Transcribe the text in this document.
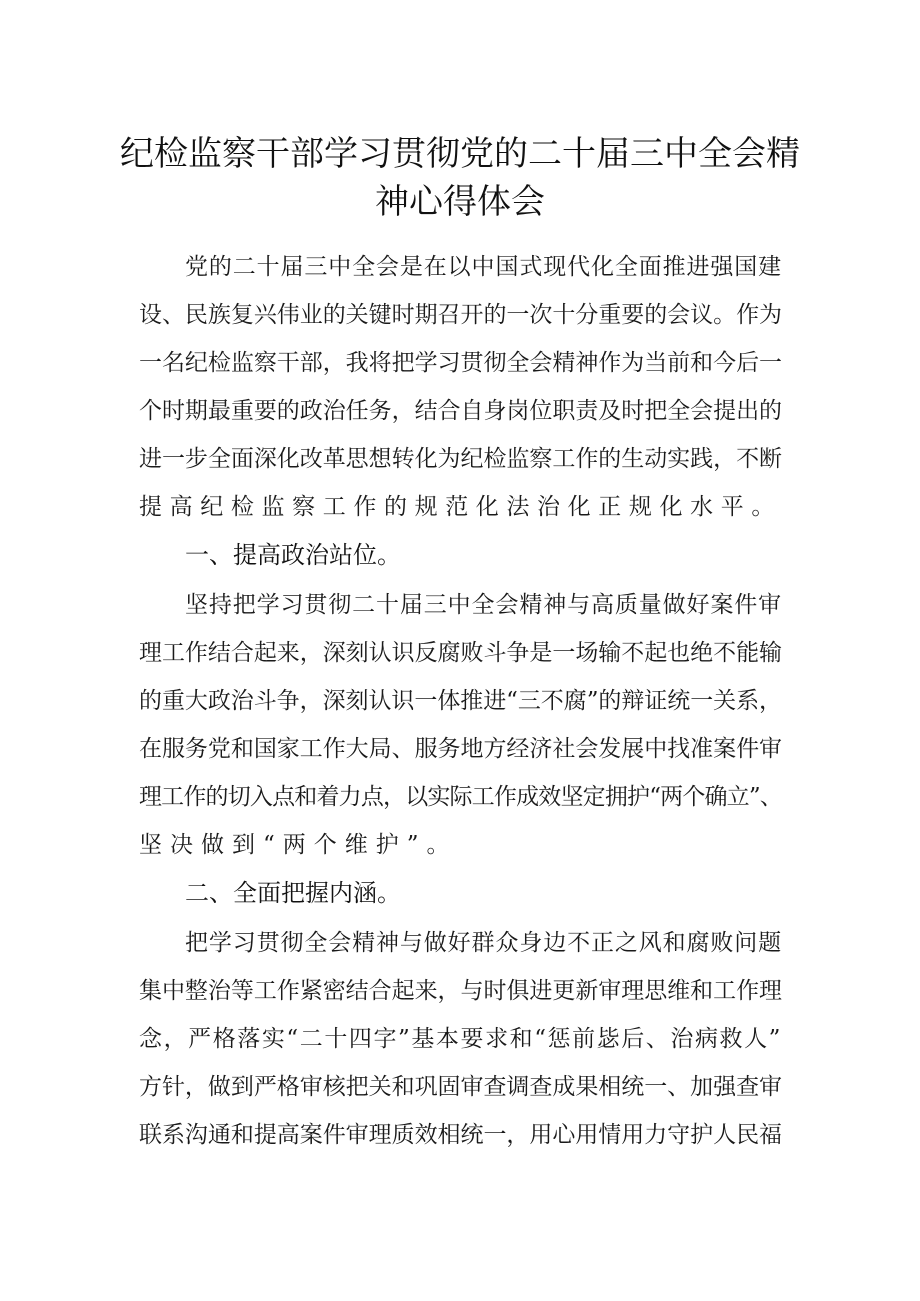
纪检监察干部学习贯彻党的二十届三中全会精
神心得体会
党的二十届三中全会是在以中国式现代化全面推进强国建
设、民族复兴伟业的关键时期召开的一次十分重要的会议。作为
一名纪检监察干部，我将把学习贯彻全会精神作为当前和今后一
个时期最重要的政治任务，结合自身岗位职责及时把全会提出的
进一步全面深化改革思想转化为纪检监察工作的生动实践，不断
提高纪检监察工作的规范化法治化正规化水平。
一、提高政治站位。
坚持把学习贯彻二十届三中全会精神与高质量做好案件审
理工作结合起来，深刻认识反腐败斗争是一场输不起也绝不能输
的重大政治斗争，深刻认识一体推进“三不腐”的辩证统一关系，
在服务党和国家工作大局、服务地方经济社会发展中找准案件审
理工作的切入点和着力点，以实际工作成效坚定拥护“两个确立”、
坚决做到“两个维护”。
二、全面把握内涵。
把学习贯彻全会精神与做好群众身边不正之风和腐败问题
集中整治等工作紧密结合起来，与时俱进更新审理思维和工作理
念，严格落实“二十四字”基本要求和“惩前毖后、治病救人”
方针，做到严格审核把关和巩固审查调查成果相统一、加强查审
联系沟通和提高案件审理质效相统一，用心用情用力守护人民福
